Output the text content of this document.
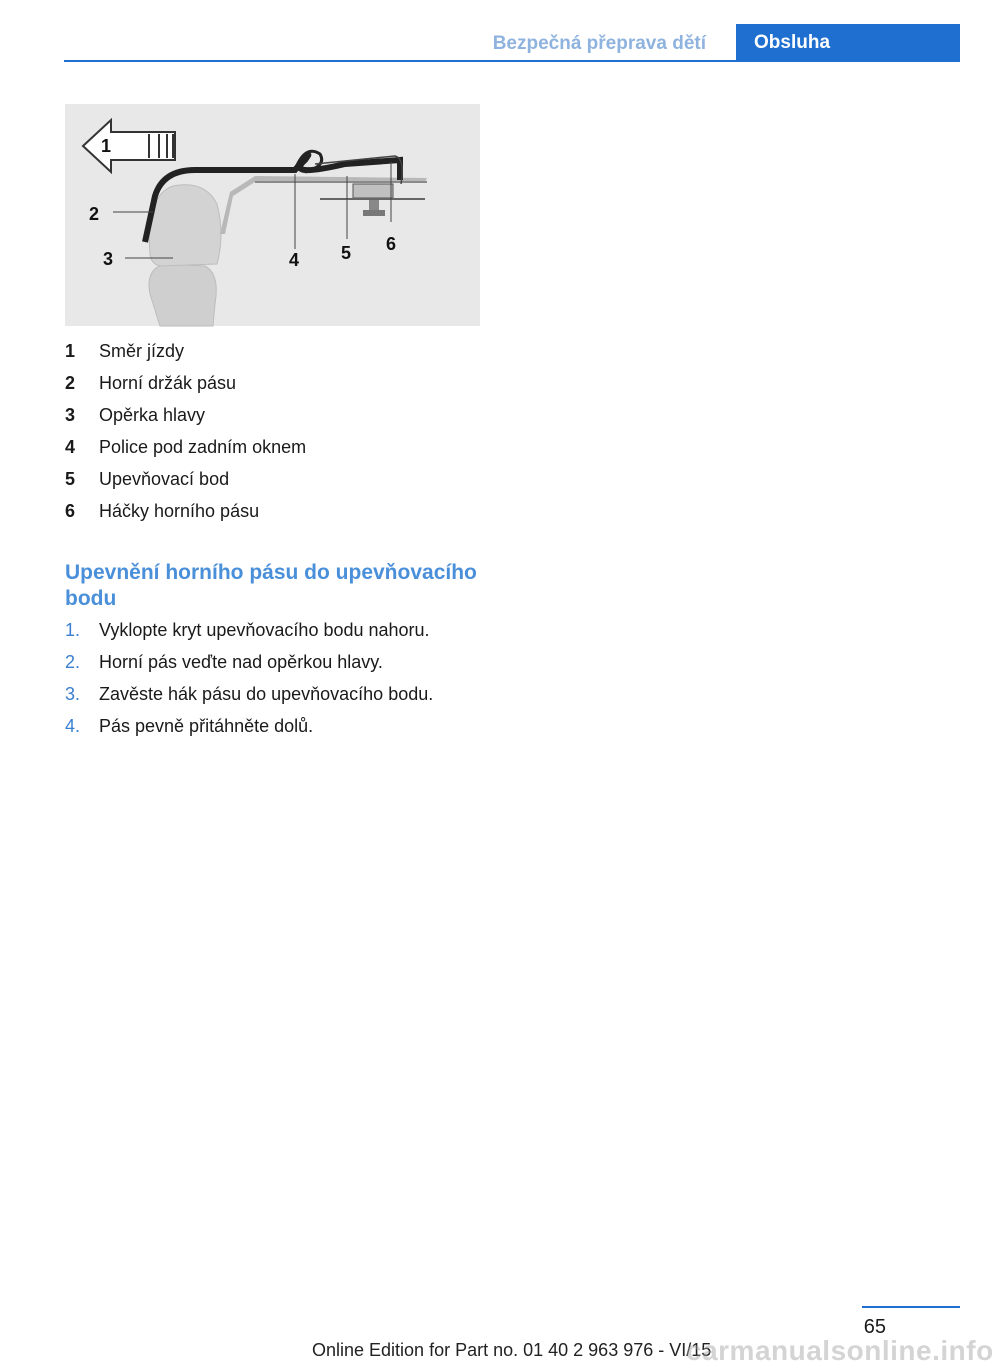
Bezpečná přeprava dětí	Obsluha
1
2
3	4 5 6
1	Směr jízdy
2	Horní držák pásu
3	Opěrka hlavy
4	Police pod zadním oknem
5	Upevňovací bod
6	Háčky horního pásu
Upevnění horního pásu do upevňovacího bodu
1.	Vyklopte kryt upevňovacího bodu nahoru.
2.	Horní pás veďte nad opěrkou hlavy.
3.	Zavěste hák pásu do upevňovacího bodu.
4.	Pás pevně přitáhněte dolů.
65
Online Edition for Part no. 01 40 2 963 976 - VI/15
carmanualsonline.info
